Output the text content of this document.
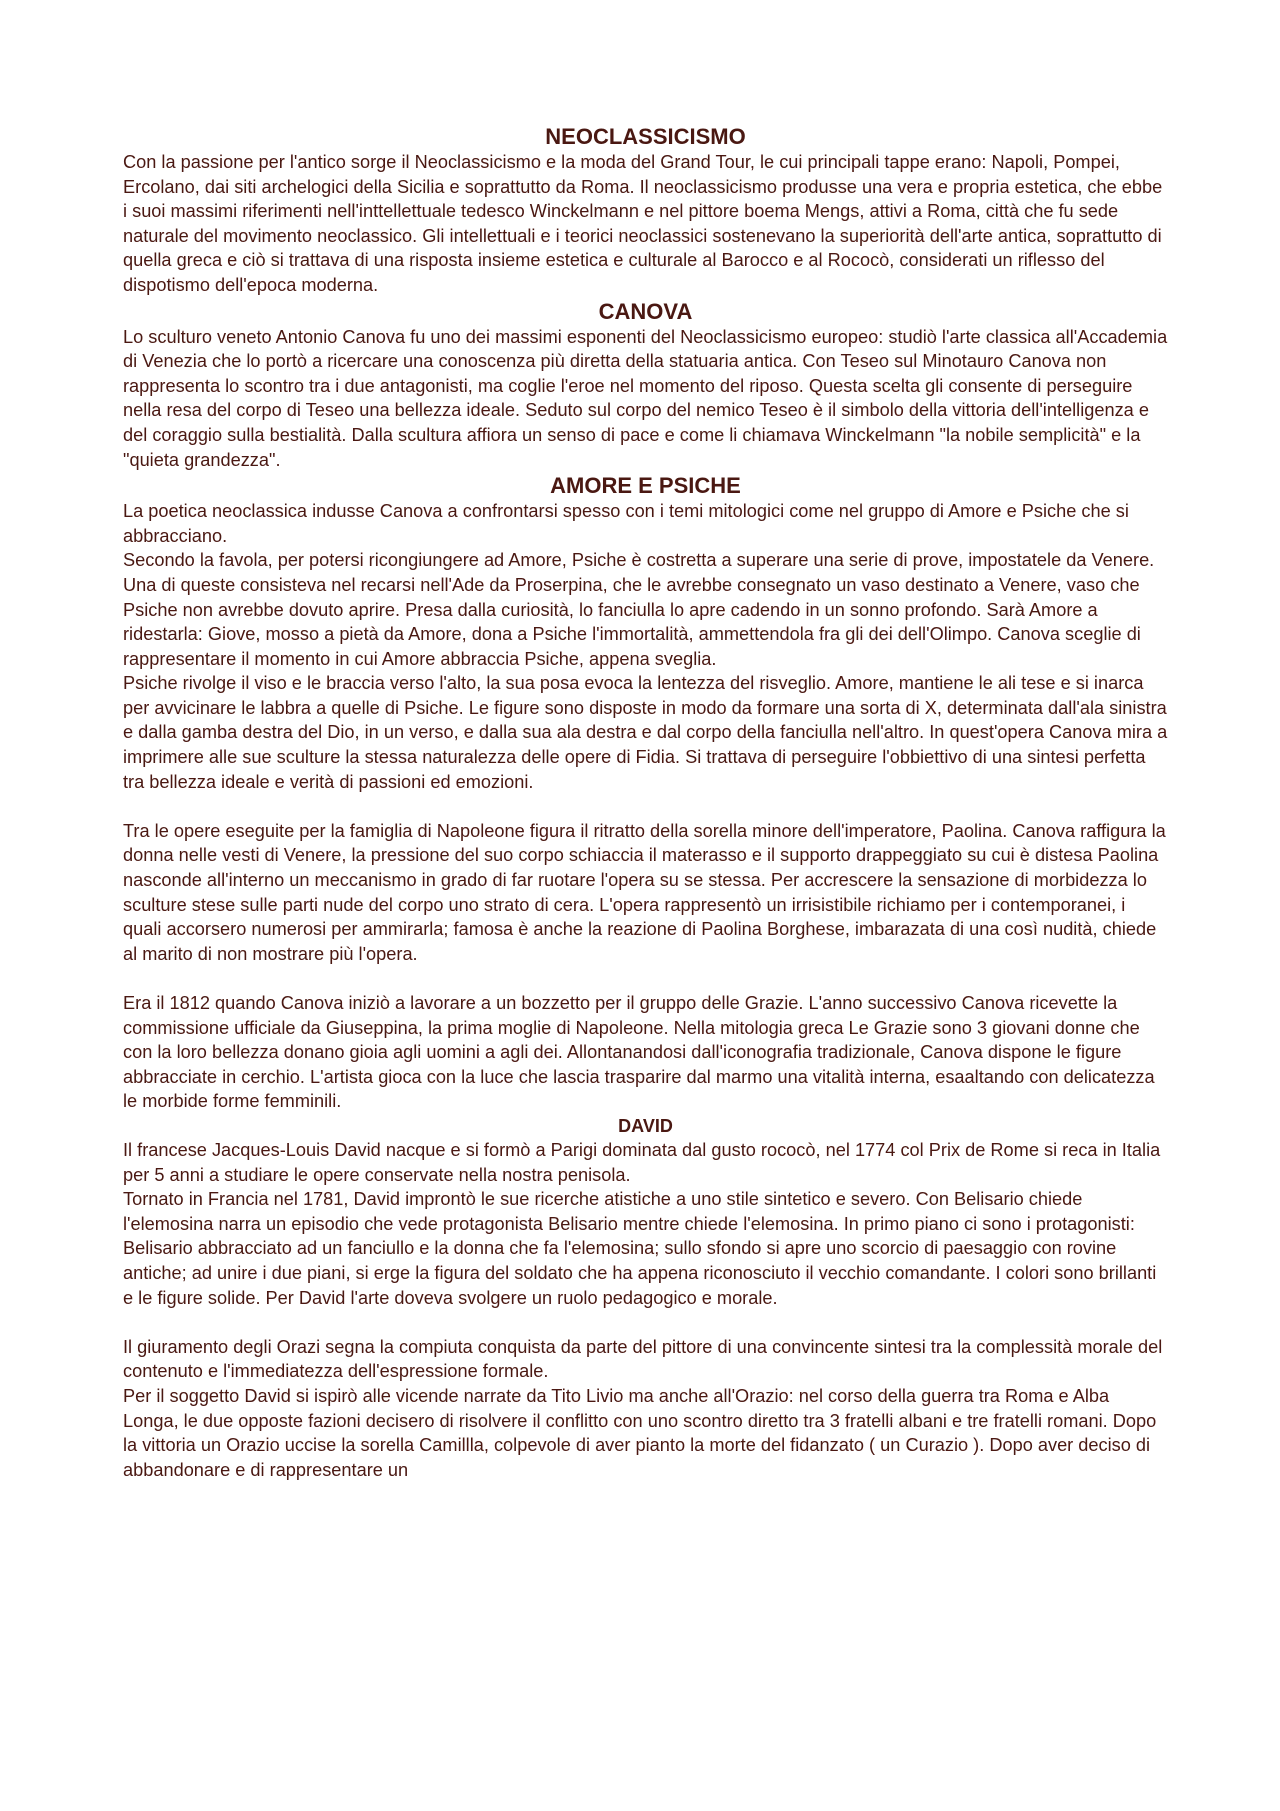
NEOCLASSICISMO

Con la passione per l'antico sorge il Neoclassicismo e la moda del Grand Tour, le cui principali tappe erano: Napoli, Pompei, Ercolano, dai siti archelogici della Sicilia e soprattutto da Roma. Il neoclassicismo produsse una vera e propria estetica, che ebbe i suoi massimi riferimenti nell'inttellettuale tedesco Winckelmann e nel pittore boema Mengs, attivi a Roma, città che fu sede naturale del movimento neoclassico. Gli intellettuali e i teorici neoclassici sostenevano la superiorità dell'arte antica, soprattutto di quella greca e ciò si trattava di una risposta insieme estetica e culturale al Barocco e al Rococò, considerati un riflesso del dispotismo dell'epoca moderna.

CANOVA

Lo sculturo veneto Antonio Canova fu uno dei massimi esponenti del Neoclassicismo europeo: studiò l'arte classica all'Accademia di Venezia che lo portò a ricercare una conoscenza più diretta della statuaria antica. Con Teseo sul Minotauro Canova non rappresenta lo scontro tra i due antagonisti, ma coglie l'eroe nel momento del riposo. Questa scelta gli consente di perseguire nella resa del corpo di Teseo una bellezza ideale. Seduto sul corpo del nemico Teseo è il simbolo della vittoria dell'intelligenza e del coraggio sulla bestialità. Dalla scultura affiora un senso di pace e come li chiamava Winckelmann "la nobile semplicità" e la "quieta grandezza".

AMORE E PSICHE

La poetica neoclassica indusse Canova a confrontarsi spesso con i temi mitologici come nel gruppo di Amore e Psiche che si abbracciano.

Secondo la favola, per potersi ricongiungere ad Amore, Psiche è costretta a superare una serie di prove, impostatele da Venere. Una di queste consisteva nel recarsi nell'Ade da Proserpina, che le avrebbe consegnato un vaso destinato a Venere, vaso che Psiche non avrebbe dovuto aprire. Presa dalla curiosità, lo fanciulla lo apre cadendo in un sonno profondo. Sarà Amore a ridestarla: Giove, mosso a pietà da Amore, dona a Psiche l'immortalità, ammettendola fra gli dei dell'Olimpo. Canova sceglie di rappresentare il momento in cui Amore abbraccia Psiche, appena sveglia.

Psiche rivolge il viso e le braccia verso l'alto, la sua posa evoca la lentezza del risveglio. Amore, mantiene le ali tese e si inarca per avvicinare le labbra a quelle di Psiche. Le figure sono disposte in modo da formare una sorta di X, determinata dall'ala sinistra e dalla gamba destra del Dio, in un verso, e dalla sua ala destra e dal corpo della fanciulla nell'altro. In quest'opera Canova mira a imprimere alle sue sculture la stessa naturalezza delle opere di Fidia. Si trattava di perseguire l'obbiettivo di una sintesi perfetta tra bellezza ideale e verità di passioni ed emozioni.

Tra le opere eseguite per la famiglia di Napoleone figura il ritratto della sorella minore dell'imperatore, Paolina. Canova raffigura la donna nelle vesti di Venere, la pressione del suo corpo schiaccia il materasso e il supporto drappeggiato su cui è distesa Paolina nasconde all'interno un meccanismo in grado di far ruotare l'opera su se stessa. Per accrescere la sensazione di morbidezza lo sculture stese sulle parti nude del corpo uno strato di cera. L'opera rappresentò un irrisistibile richiamo per i contemporanei, i quali accorsero numerosi per ammirarla; famosa è anche la reazione di Paolina Borghese, imbarazata di una così nudità, chiede al marito di non mostrare più l'opera.

Era il 1812 quando Canova iniziò a lavorare a un bozzetto per il gruppo delle Grazie. L'anno successivo Canova ricevette la commissione ufficiale da Giuseppina, la prima moglie di Napoleone. Nella mitologia greca Le Grazie sono 3 giovani donne che con la loro bellezza donano gioia agli uomini a agli dei. Allontanandosi dall'iconografia tradizionale, Canova dispone le figure abbracciate in cerchio. L'artista gioca con la luce che lascia trasparire dal marmo una vitalità interna, esaaltando con delicatezza le morbide forme femminili.

DAVID

Il francese Jacques-Louis David nacque e si formò a Parigi dominata dal gusto rococò, nel 1774 col Prix de Rome si reca in Italia per 5 anni a studiare le opere conservate nella nostra penisola.

Tornato in Francia nel 1781, David improntò le sue ricerche atistiche a uno stile sintetico e severo. Con Belisario chiede l'elemosina narra un episodio che vede protagonista Belisario mentre chiede l'elemosina. In primo piano ci sono i protagonisti: Belisario abbracciato ad un fanciullo e la donna che fa l'elemosina; sullo sfondo si apre uno scorcio di paesaggio con rovine antiche; ad unire i due piani, si erge la figura del soldato che ha appena riconosciuto il vecchio comandante. I colori sono brillanti e le figure solide. Per David l'arte doveva svolgere un ruolo pedagogico e morale.

Il giuramento degli Orazi segna la compiuta conquista da parte del pittore di una convincente sintesi tra la complessità morale del contenuto e l'immediatezza dell'espressione formale.

Per il soggetto David si ispirò alle vicende narrate da Tito Livio ma anche all'Orazio: nel corso della guerra tra Roma e Alba Longa, le due opposte fazioni decisero di risolvere il conflitto con uno scontro diretto tra 3 fratelli albani e tre fratelli romani. Dopo la vittoria un Orazio uccise la sorella Camillla, colpevole di aver pianto la morte del fidanzato ( un Curazio ). Dopo aver deciso di abbandonare e di rappresentare un
